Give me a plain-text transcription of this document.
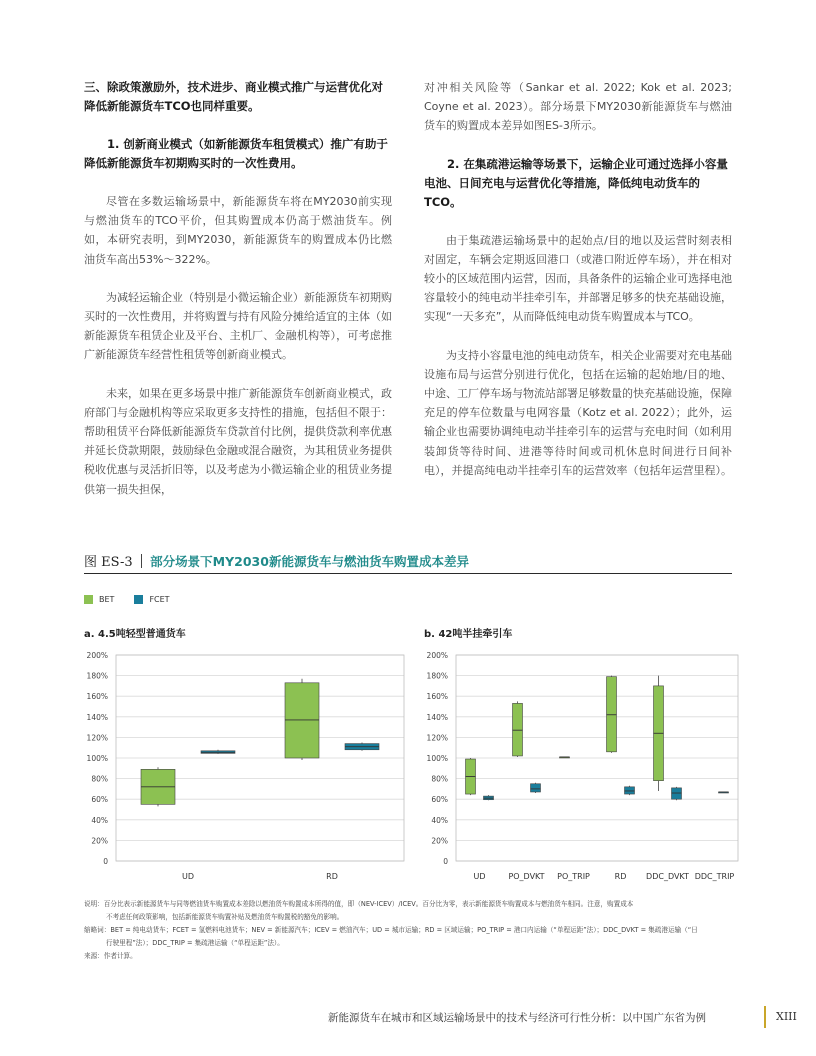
三、除政策激励外，技术进步、商业模式推广与运营优化对降低新能源货车TCO也同样重要。
1. 创新商业模式（如新能源货车租赁模式）推广有助于降低新能源货车初期购买时的一次性费用。

尽管在多数运输场景中，新能源货车将在MY2030前实现与燃油货车的TCO平价，但其购置成本仍高于燃油货车。例如，本研究表明，到MY2030，新能源货车的购置成本仍比燃油货车高出53%～322%。

为减轻运输企业（特别是小微运输企业）新能源货车初期购买时的一次性费用，并将购置与持有风险分摊给适宜的主体（如新能源货车租赁企业及平台、主机厂、金融机构等），可考虑推广新能源货车经营性租赁等创新商业模式。

未来，如果在更多场景中推广新能源货车创新商业模式，政府部门与金融机构等应采取更多支持性的措施，包括但不限于：帮助租赁平台降低新能源货车贷款首付比例，提供贷款利率优惠并延长贷款期限，鼓励绿色金融或混合融资，为其租赁业务提供税收优惠与灵活折旧等，以及考虑为小微运输企业的租赁业务提供第一损失担保，

对冲相关风险等（Sankar et al. 2022; Kok et al. 2023; Coyne et al. 2023）。部分场景下MY2030新能源货车与燃油货车的购置成本差异如图ES-3所示。

2. 在集疏港运输等场景下，运输企业可通过选择小容量电池、日间充电与运营优化等措施，降低纯电动货车的TCO。

由于集疏港运输场景中的起始点/目的地以及运营时刻表相对固定，车辆会定期返回港口（或港口附近停车场），并在相对较小的区域范围内运营，因而，具备条件的运输企业可选择电池容量较小的纯电动半挂牵引车，并部署足够多的快充基础设施，实现“一天多充”，从而降低纯电动货车购置成本与TCO。

为支持小容量电池的纯电动货车，相关企业需要对充电基础设施布局与运营分别进行优化，包括在运输的起始地/目的地、中途、工厂停车场与物流站部署足够数量的快充基础设施，保障充足的停车位数量与电网容量（Kotz et al. 2022）；此外，运输企业也需要协调纯电动半挂牵引车的运营与充电时间（如利用装卸货等待时间、进港等待时间或司机休息时间进行日间补电），并提高纯电动半挂牵引车的运营效率（包括年运营里程）。

图 ES-3 部分场景下MY2030新能源货车与燃油货车购置成本差异
BET	FCET
a. 4.5吨轻型普通货车	b. 42吨半挂牵引车
200%
180%
160%
140%
120%
100%
80%
60%
40%
20%
0
UD	RD
200%
180%
160%
140%
120%
100%
80%
60%
40%
20%
0
UD	PO_DVKT PO_TRIP	RD DDC_DVKT DDC_TRIP

说明：百分比表示新能源货车与同等燃油货车购置成本差除以燃油货车购置成本所得的值，即（NEV-ICEV）/ICEV。百分比为零，表示新能源货车购置成本与燃油货车相同。注意，购置成本

不考虑任何政策影响，包括新能源货车购置补贴及燃油货车购置税的豁免的影响。

缩略词：BET = 纯电动货车；FCET = 氢燃料电池货车；NEV = 新能源汽车；ICEV = 燃油汽车；UD = 城市运输；RD = 区域运输；PO_TRIP = 港口内运输（“单程运距”法）；DDC_DVKT = 集疏港运输（“日

行驶里程”法）；DDC_TRIP = 集疏港运输（“单程运距”法）。

来源：作者计算。

新能源货车在城市和区域运输场景中的技术与经济可行性分析：以中国广东省为例	XIII
